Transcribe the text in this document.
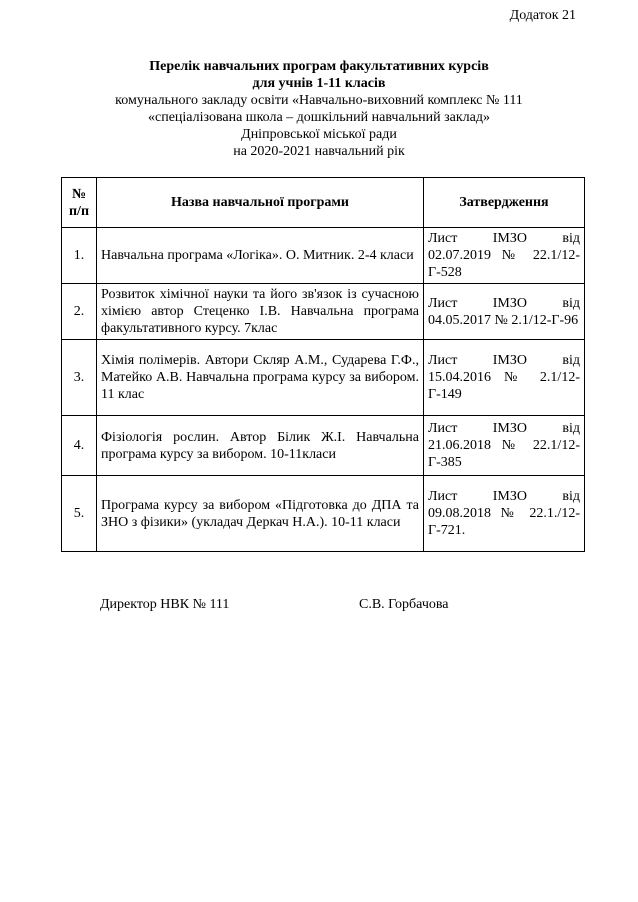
Додаток 21
Перелік навчальних програм факультативних курсів
для учнів 1-11 класів
комунального закладу освіти «Навчально-виховний комплекс № 111
«спеціалізована школа – дошкільний навчальний заклад»
Дніпровської міської ради
на 2020-2021 навчальний рік
№
п/п	Назва навчальної програми	Затвердження
1.	Навчальна програма «Логіка». О. Митник. 2-4 класи	Лист ІМЗО від
02.07.2019 № 22.1/12-Г-528

2.	Розвиток хімічної науки та його зв'язок із сучасною хімією автор Стеценко І.В. Навчальна програма факультативного курсу. 7клас	Лист ІМЗО від
04.05.2017 № 2.1/12-Г-96

3.	Хімія полімерів. Автори Скляр А.М., Сударева Г.Ф., Матейко А.В. Навчальна програма курсу за вибором. 11 клас	Лист ІМЗО від
15.04.2016 № 2.1/12-Г-149

4.	Фізіологія рослин. Автор Білик Ж.І. Навчальна програма курсу за вибором. 10-11класи	Лист ІМЗО від
21.06.2018 № 22.1/12-Г-385

5.	Програма курсу за вибором «Підготовка до ДПА та ЗНО з фізики» (укладач Деркач Н.А.). 10-11 класи	Лист ІМЗО від
09.08.2018 № 22.1./12-Г-721.
Директор НВК № 111	С.В. Горбачова
